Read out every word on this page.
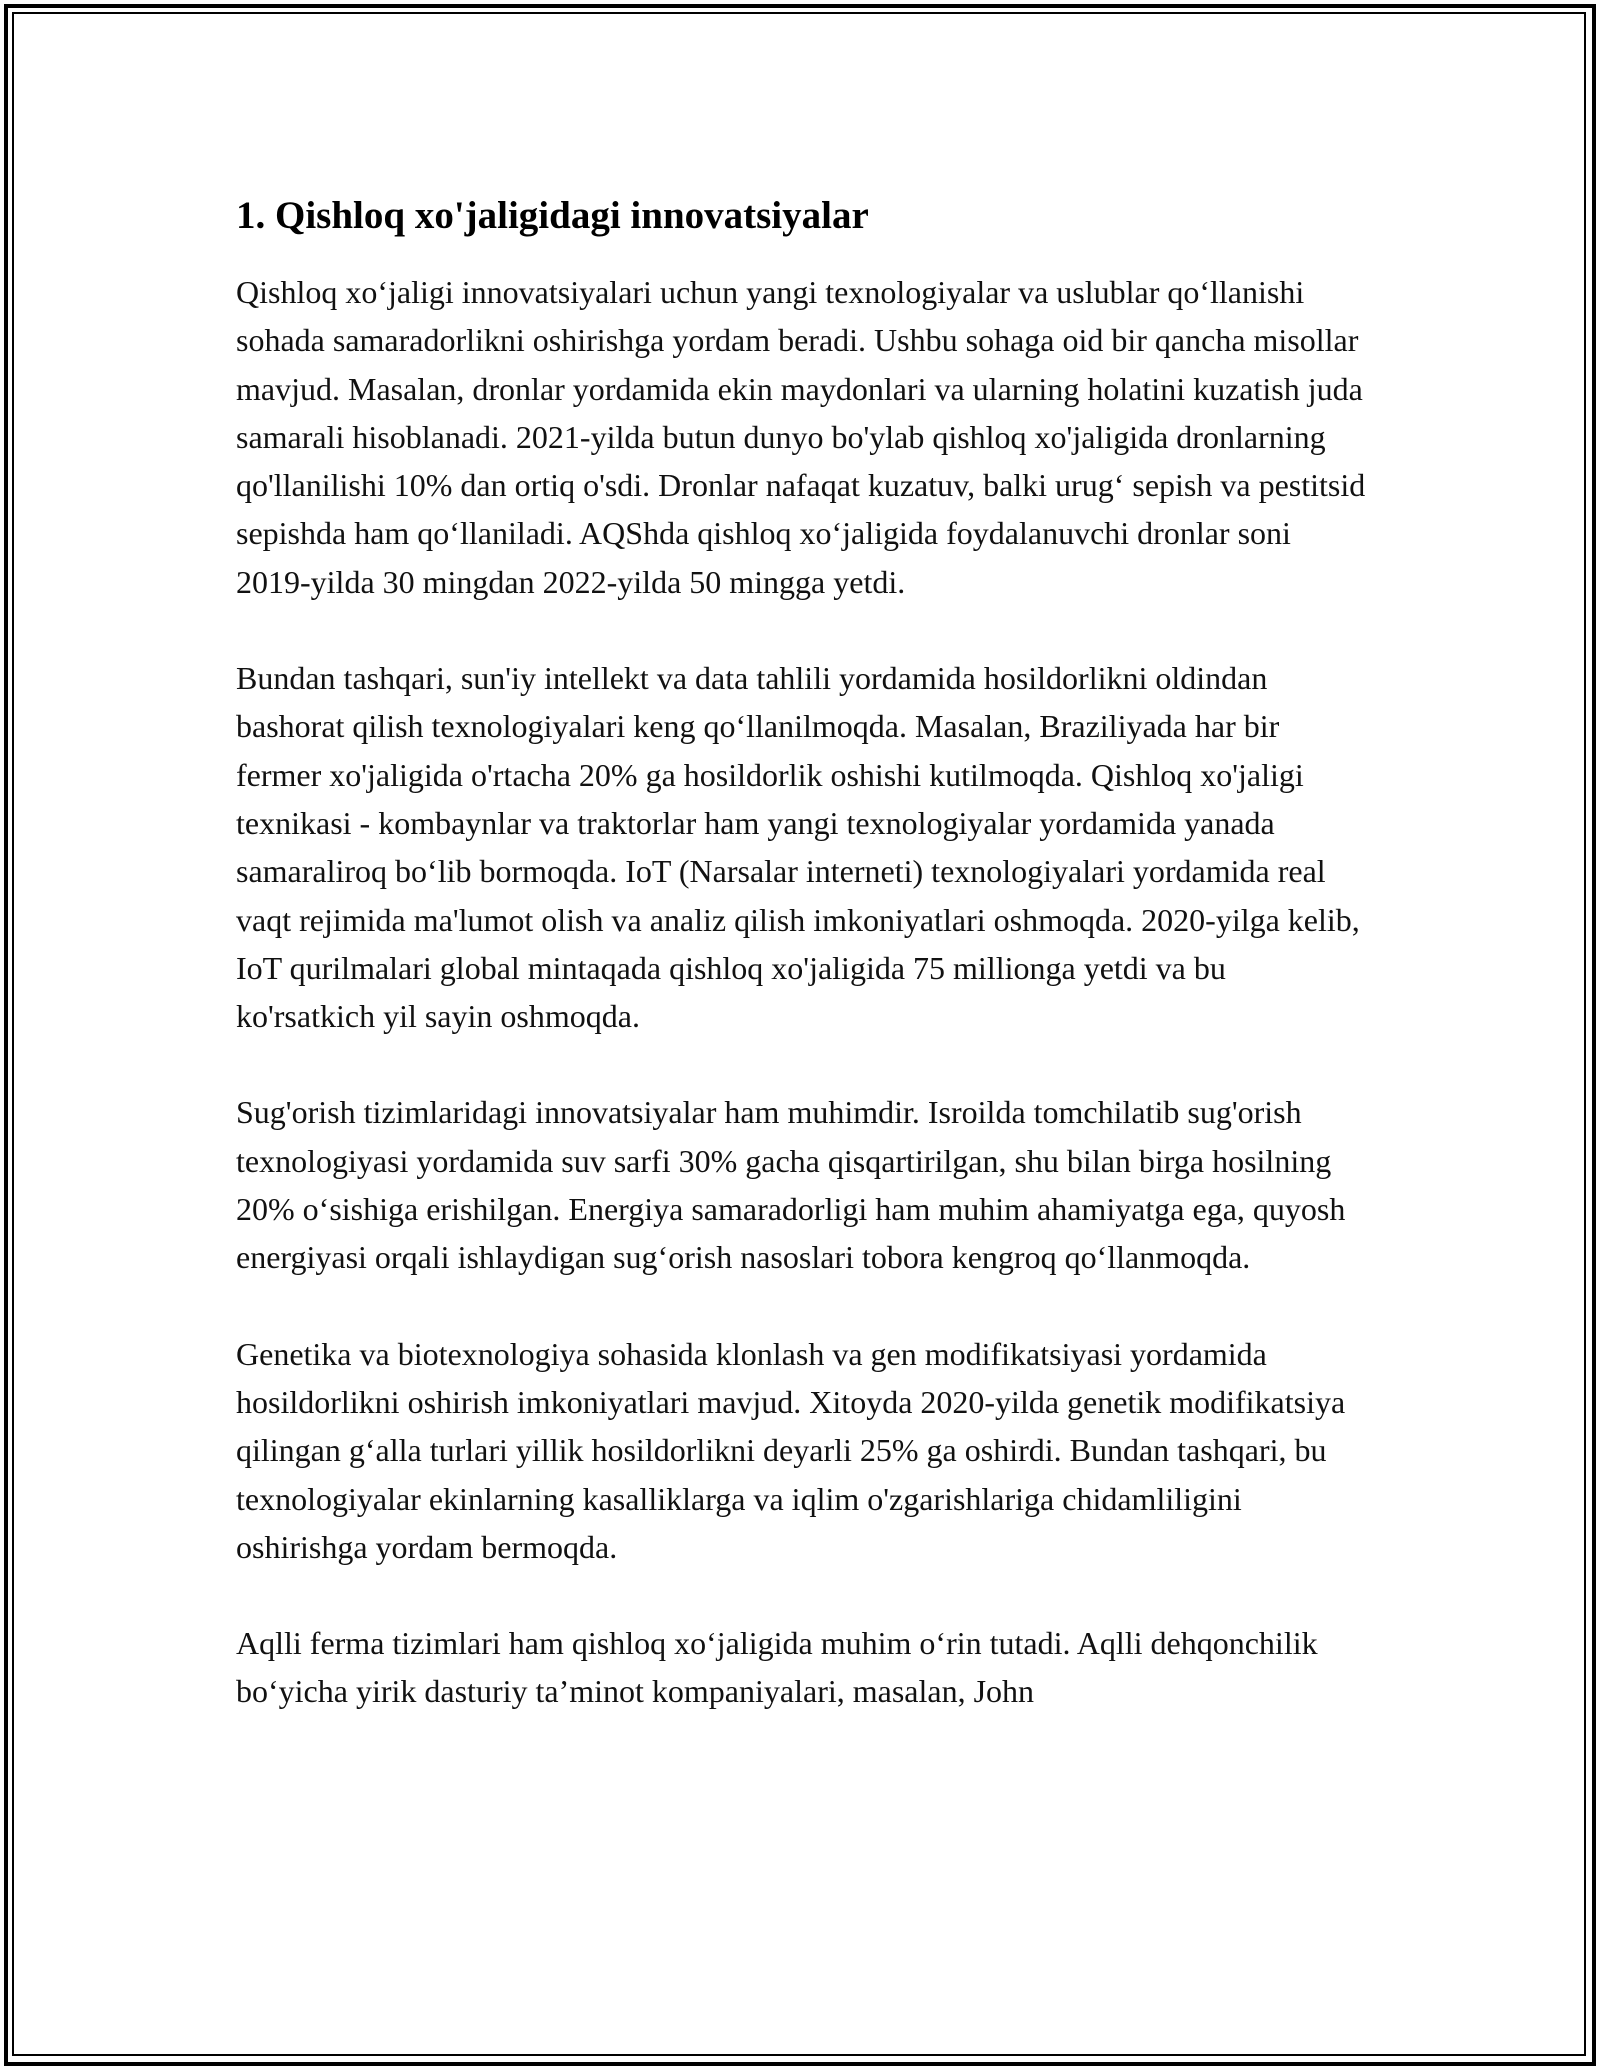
1. Qishloq xo'jaligidagi innovatsiyalar

Qishloq xo‘jaligi innovatsiyalari uchun yangi texnologiyalar va uslublar qo‘llanishi sohada samaradorlikni oshirishga yordam beradi. Ushbu sohaga oid bir qancha misollar mavjud. Masalan, dronlar yordamida ekin maydonlari va ularning holatini kuzatish juda samarali hisoblanadi. 2021-yilda butun dunyo bo'ylab qishloq xo'jaligida dronlarning qo'llanilishi 10% dan ortiq o'sdi. Dronlar nafaqat kuzatuv, balki urug‘ sepish va pestitsid sepishda ham qo‘llaniladi. AQShda qishloq xo‘jaligida foydalanuvchi dronlar soni 2019-yilda 30 mingdan 2022-yilda 50 mingga yetdi.

Bundan tashqari, sun'iy intellekt va data tahlili yordamida hosildorlikni oldindan bashorat qilish texnologiyalari keng qo‘llanilmoqda. Masalan, Braziliyada har bir fermer xo'jaligida o'rtacha 20% ga hosildorlik oshishi kutilmoqda. Qishloq xo'jaligi texnikasi - kombaynlar va traktorlar ham yangi texnologiyalar yordamida yanada samaraliroq bo‘lib bormoqda. IoT (Narsalar interneti) texnologiyalari yordamida real vaqt rejimida ma'lumot olish va analiz qilish imkoniyatlari oshmoqda. 2020-yilga kelib, IoT qurilmalari global mintaqada qishloq xo'jaligida 75 millionga yetdi va bu ko'rsatkich yil sayin oshmoqda.

Sug'orish tizimlaridagi innovatsiyalar ham muhimdir. Isroilda tomchilatib sug'orish texnologiyasi yordamida suv sarfi 30% gacha qisqartirilgan, shu bilan birga hosilning 20% o‘sishiga erishilgan. Energiya samaradorligi ham muhim ahamiyatga ega, quyosh energiyasi orqali ishlaydigan sug‘orish nasoslari tobora kengroq qo‘llanmoqda.

Genetika va biotexnologiya sohasida klonlash va gen modifikatsiyasi yordamida hosildorlikni oshirish imkoniyatlari mavjud. Xitoyda 2020-yilda genetik modifikatsiya qilingan g‘alla turlari yillik hosildorlikni deyarli 25% ga oshirdi. Bundan tashqari, bu texnologiyalar ekinlarning kasalliklarga va iqlim o'zgarishlariga chidamliligini oshirishga yordam bermoqda.

Aqlli ferma tizimlari ham qishloq xo‘jaligida muhim o‘rin tutadi. Aqlli dehqonchilik bo‘yicha yirik dasturiy ta’minot kompaniyalari, masalan, John
